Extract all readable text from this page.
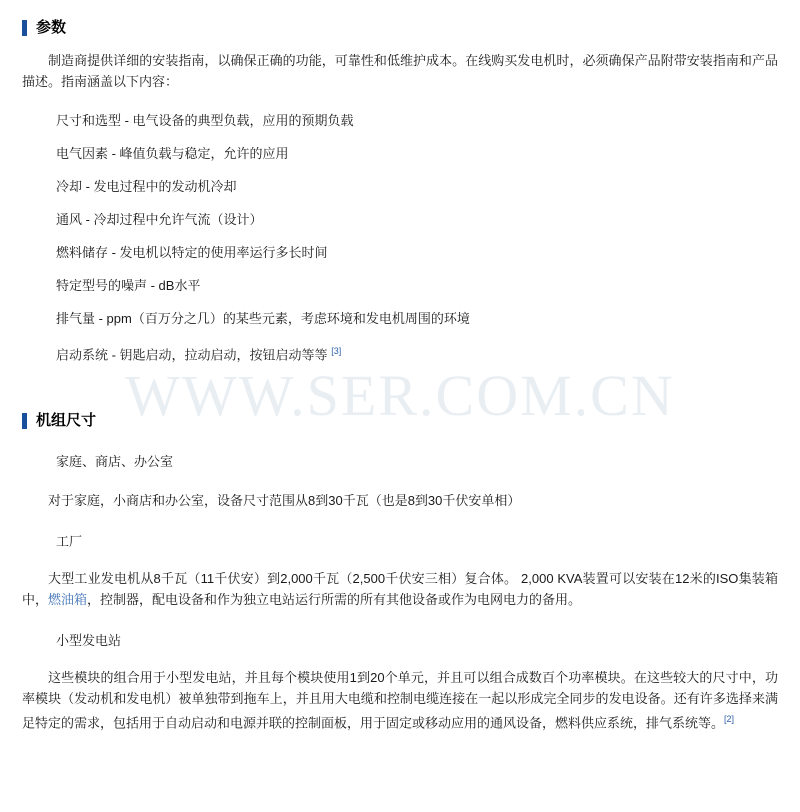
WWW.SER.COM.CN
参数

制造商提供详细的安装指南，以确保正确的功能，可靠性和低维护成本。在线购买发电机时，必须确保产品附带安装指南和产品描述。指南涵盖以下内容：

尺寸和选型 - 电气设备的典型负载，应用的预期负载

电气因素 - 峰值负载与稳定，允许的应用

冷却 - 发电过程中的发动机冷却

通风 - 冷却过程中允许气流（设计）

燃料储存 - 发电机以特定的使用率运行多长时间

特定型号的噪声 - dB水平

排气量 - ppm（百万分之几）的某些元素，考虑环境和发电机周围的环境

启动系统 - 钥匙启动，拉动启动，按钮启动等等 [3]

机组尺寸

家庭、商店、办公室

对于家庭，小商店和办公室，设备尺寸范围从8到30千瓦（也是8到30千伏安单相）

工厂

大型工业发电机从8千瓦（11千伏安）到2,000千瓦（2,500千伏安三相）复合体。 2,000 KVA装置可以安装在12米的ISO集装箱中，燃油箱，控制器，配电设备和作为独立电站运行所需的所有其他设备或作为电网电力的备用。

小型发电站

这些模块的组合用于小型发电站，并且每个模块使用1到20个单元，并且可以组合成数百个功率模块。在这些较大的尺寸中，功率模块（发动机和发电机）被单独带到拖车上，并且用大电缆和控制电缆连接在一起以形成完全同步的发电设备。还有许多选择来满足特定的需求，包括用于自动启动和电源并联的控制面板，用于固定或移动应用的通风设备，燃料供应系统，排气系统等。[2]
